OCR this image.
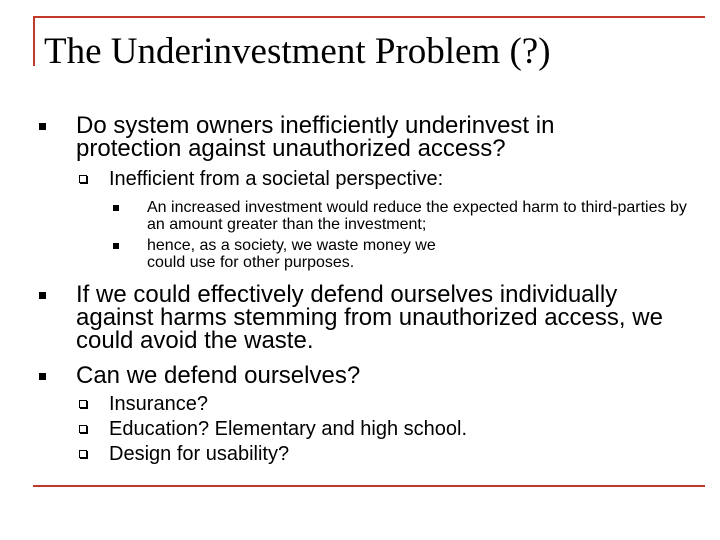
The Underinvestment Problem (?)
Do system owners inefficiently underinvest in protection against unauthorized access?
Inefficient from a societal perspective:
An increased investment would reduce the expected harm to third-parties by an amount greater than the investment;
hence, as a society, we waste money we could use for other purposes.
If we could effectively defend ourselves individually against harms stemming from unauthorized access, we could avoid the waste.
Can we defend ourselves?
Insurance?
Education? Elementary and high school.
Design for usability?
